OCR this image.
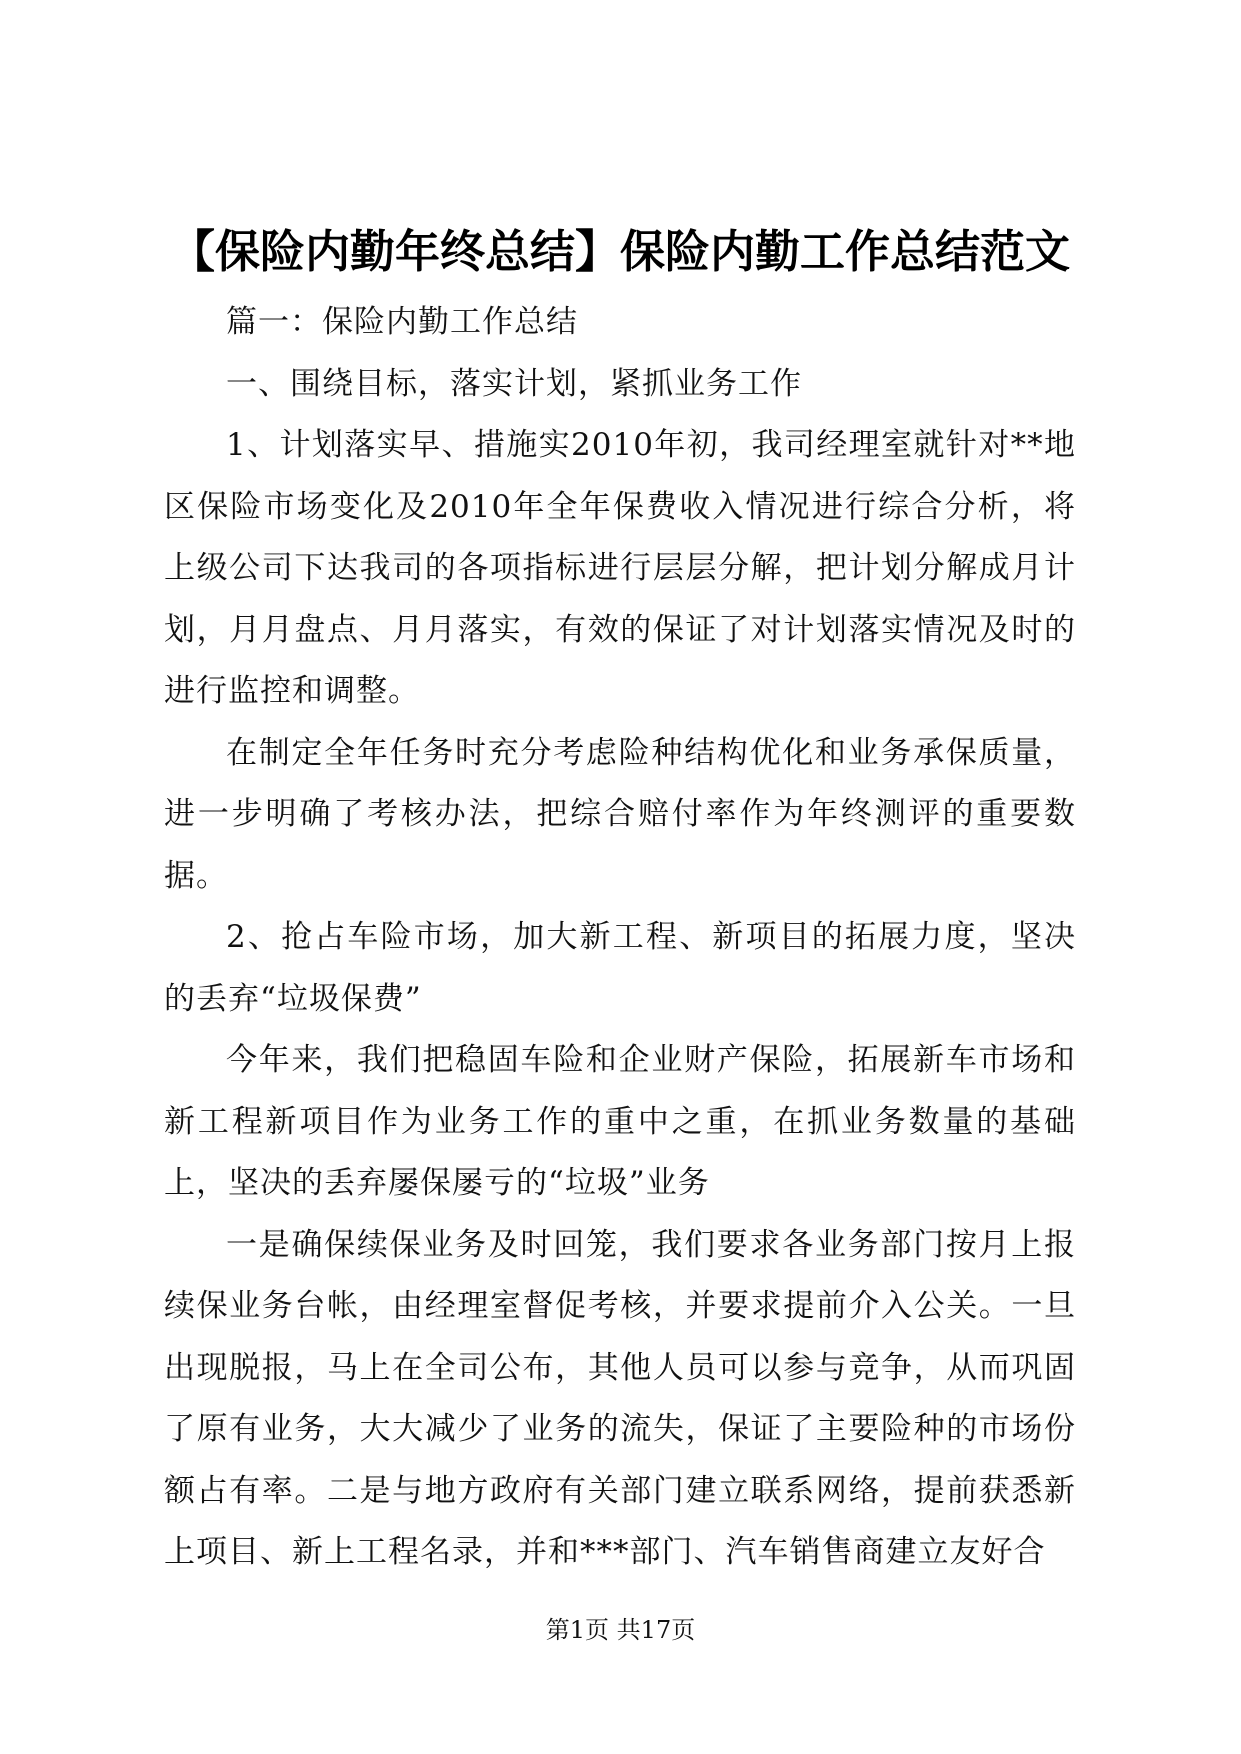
【保险内勤年终总结】保险内勤工作总结范文

篇一：保险内勤工作总结

一、围绕目标，落实计划，紧抓业务工作

1、计划落实早、措施实2010年初，我司经理室就针对**地区保险市场变化及2010年全年保费收入情况进行综合分析，将上级公司下达我司的各项指标进行层层分解，把计划分解成月计划，月月盘点、月月落实，有效的保证了对计划落实情况及时的进行监控和调整。

在制定全年任务时充分考虑险种结构优化和业务承保质量，进一步明确了考核办法，把综合赔付率作为年终测评的重要数据。

2、抢占车险市场，加大新工程、新项目的拓展力度，坚决的丢弃“垃圾保费”

今年来，我们把稳固车险和企业财产保险，拓展新车市场和新工程新项目作为业务工作的重中之重，在抓业务数量的基础上，坚决的丢弃屡保屡亏的“垃圾”业务

一是确保续保业务及时回笼，我们要求各业务部门按月上报续保业务台帐，由经理室督促考核，并要求提前介入公关。一旦出现脱报，马上在全司公布，其他人员可以参与竞争，从而巩固了原有业务，大大减少了业务的流失，保证了主要险种的市场份额占有率。二是与地方政府有关部门建立联系网络，提前获悉新上项目、新上工程名录，并和***部门、汽车销售商建立友好合

第1页 共17页
